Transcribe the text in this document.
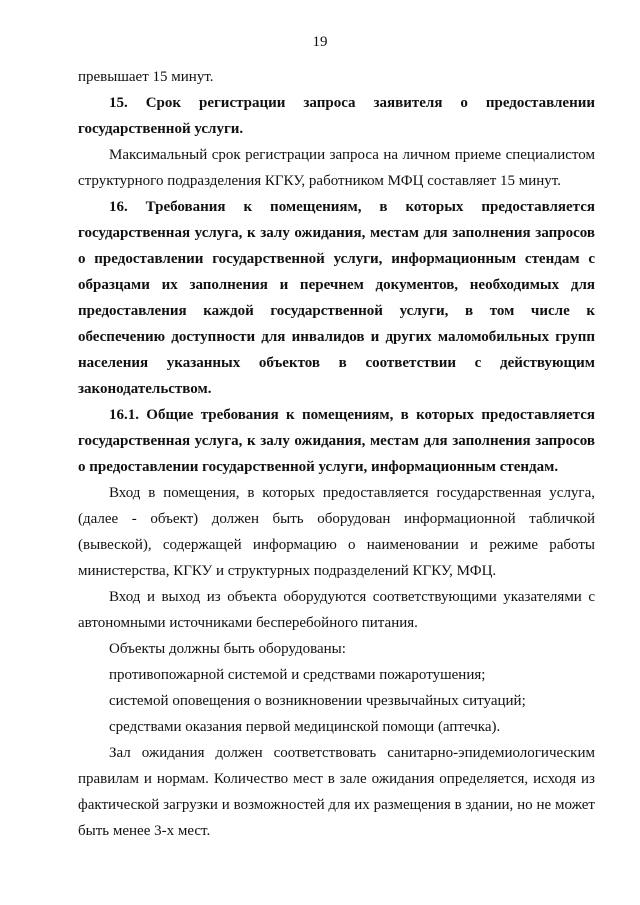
19

превышает 15 минут.

15. Срок регистрации запроса заявителя о предоставлении государственной услуги.

Максимальный срок регистрации запроса на личном приеме специалистом структурного подразделения КГКУ, работником МФЦ составляет 15 минут.

16. Требования к помещениям, в которых предоставляется государственная услуга, к залу ожидания, местам для заполнения запросов о предоставлении государственной услуги, информационным стендам с образцами их заполнения и перечнем документов, необходимых для предоставления каждой государственной услуги, в том числе к обеспечению доступности для инвалидов и других маломобильных групп населения указанных объектов в соответствии с действующим законодательством.

16.1. Общие требования к помещениям, в которых предоставляется государственная услуга, к залу ожидания, местам для заполнения запросов о предоставлении государственной услуги, информационным стендам.

Вход в помещения, в которых предоставляется государственная услуга, (далее - объект) должен быть оборудован информационной табличкой (вывеской), содержащей информацию о наименовании и режиме работы министерства, КГКУ и структурных подразделений КГКУ, МФЦ.

Вход и выход из объекта оборудуются соответствующими указателями с автономными источниками бесперебойного питания.

Объекты должны быть оборудованы:

противопожарной системой и средствами пожаротушения;

системой оповещения о возникновении чрезвычайных ситуаций;

средствами оказания первой медицинской помощи (аптечка).

Зал ожидания должен соответствовать санитарно-эпидемиологическим правилам и нормам. Количество мест в зале ожидания определяется, исходя из фактической загрузки и возможностей для их размещения в здании, но не может быть менее 3-х мест.
